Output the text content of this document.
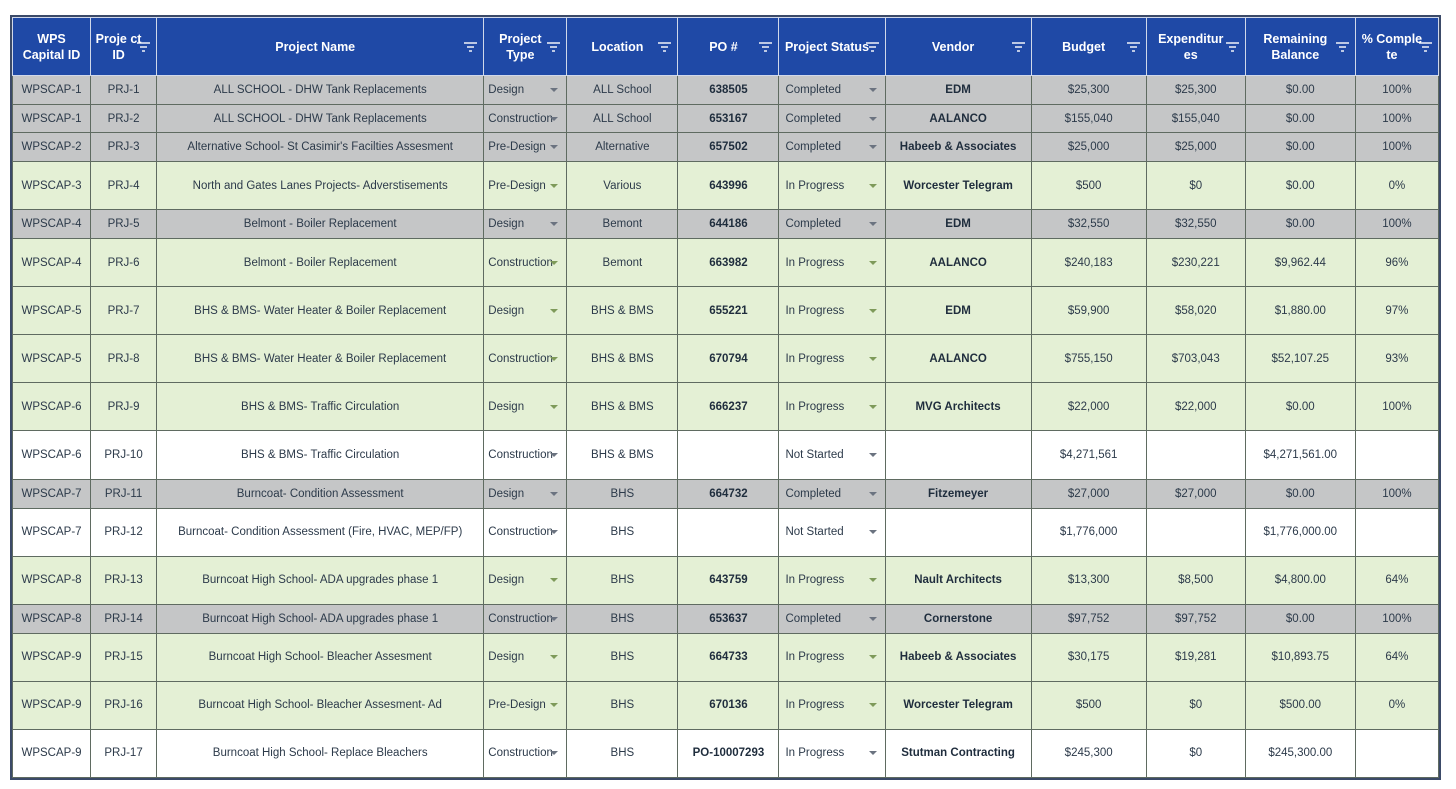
WPS Capital ID	Proje ct ID	Project Name	Project Type	Location	PO #	Project Status	Vendor	Budget	Expenditur es	Remaining Balance	% Comple te

WPSCAP-1	PRJ-1	ALL SCHOOL - DHW Tank Replacements	Design	ALL School	638505	Completed	EDM	$25,300	$25,300	$0.00	100%
WPSCAP-1	PRJ-2	ALL SCHOOL - DHW Tank Replacements	Construction	ALL School	653167	Completed	AALANCO	$155,040	$155,040	$0.00	100%
WPSCAP-2	PRJ-3	Alternative School- St Casimir's Facilties Assesment	Pre-Design	Alternative	657502	Completed	Habeeb & Associates	$25,000	$25,000	$0.00	100%
WPSCAP-3	PRJ-4	North and Gates Lanes Projects- Adverstisements	Pre-Design	Various	643996	In Progress	Worcester Telegram	$500	$0	$0.00	0%
WPSCAP-4	PRJ-5	Belmont - Boiler Replacement	Design	Bemont	644186	Completed	EDM	$32,550	$32,550	$0.00	100%
WPSCAP-4	PRJ-6	Belmont - Boiler Replacement	Construction	Bemont	663982	In Progress	AALANCO	$240,183	$230,221	$9,962.44	96%
WPSCAP-5	PRJ-7	BHS & BMS- Water Heater & Boiler Replacement	Design	BHS & BMS	655221	In Progress	EDM	$59,900	$58,020	$1,880.00	97%
WPSCAP-5	PRJ-8	BHS & BMS- Water Heater & Boiler Replacement	Construction	BHS & BMS	670794	In Progress	AALANCO	$755,150	$703,043	$52,107.25	93%
WPSCAP-6	PRJ-9	BHS & BMS- Traffic Circulation	Design	BHS & BMS	666237	In Progress	MVG Architects	$22,000	$22,000	$0.00	100%
WPSCAP-6	PRJ-10	BHS & BMS- Traffic Circulation	Construction	BHS & BMS		Not Started		$4,271,561		$4,271,561.00	
WPSCAP-7	PRJ-11	Burncoat- Condition Assessment	Design	BHS	664732	Completed	Fitzemeyer	$27,000	$27,000	$0.00	100%
WPSCAP-7	PRJ-12	Burncoat- Condition Assessment (Fire, HVAC, MEP/FP)	Construction	BHS		Not Started		$1,776,000		$1,776,000.00	
WPSCAP-8	PRJ-13	Burncoat High School- ADA upgrades phase 1	Design	BHS	643759	In Progress	Nault Architects	$13,300	$8,500	$4,800.00	64%
WPSCAP-8	PRJ-14	Burncoat High School- ADA upgrades phase 1	Construction	BHS	653637	Completed	Cornerstone	$97,752	$97,752	$0.00	100%
WPSCAP-9	PRJ-15	Burncoat High School- Bleacher Assesment	Design	BHS	664733	In Progress	Habeeb & Associates	$30,175	$19,281	$10,893.75	64%
WPSCAP-9	PRJ-16	Burncoat High School- Bleacher Assesment- Ad	Pre-Design	BHS	670136	In Progress	Worcester Telegram	$500	$0	$500.00	0%
WPSCAP-9	PRJ-17	Burncoat High School- Replace Bleachers	Construction	BHS	PO-10007293	In Progress	Stutman Contracting	$245,300	$0	$245,300.00	
